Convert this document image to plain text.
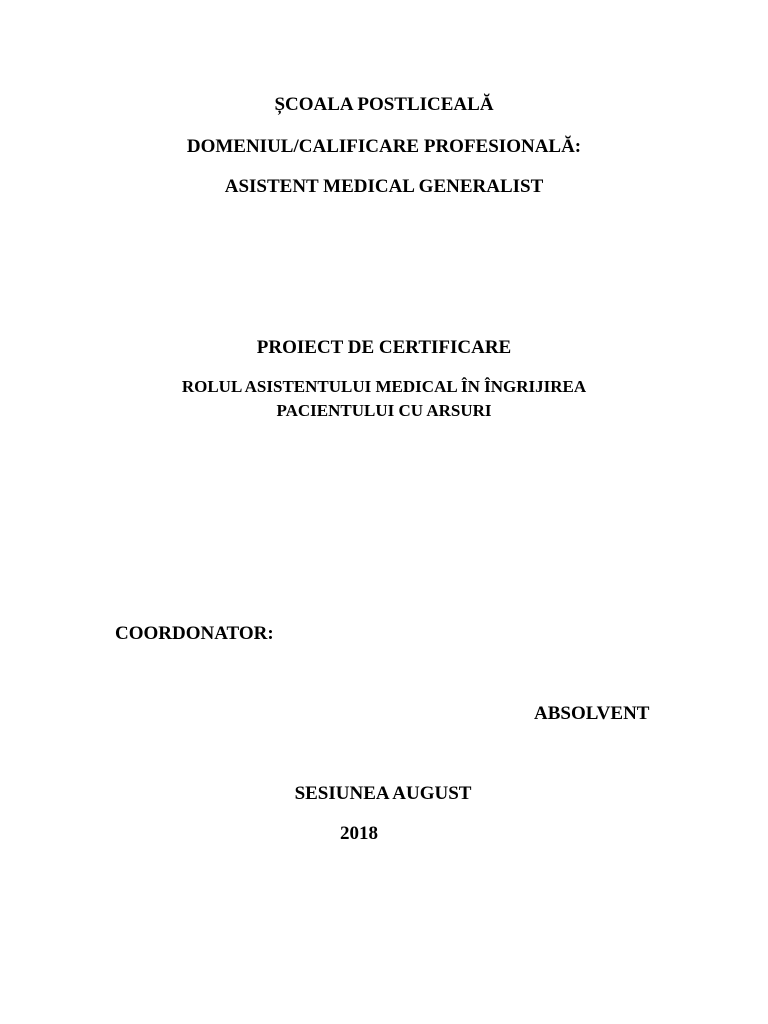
ȘCOALA POSTLICEALĂ
DOMENIUL/CALIFICARE PROFESIONALĂ:
ASISTENT MEDICAL GENERALIST
PROIECT DE CERTIFICARE
ROLUL ASISTENTULUI MEDICAL ÎN ÎNGRIJIREA
PACIENTULUI CU ARSURI
COORDONATOR:
ABSOLVENT
SESIUNEA AUGUST
2018
